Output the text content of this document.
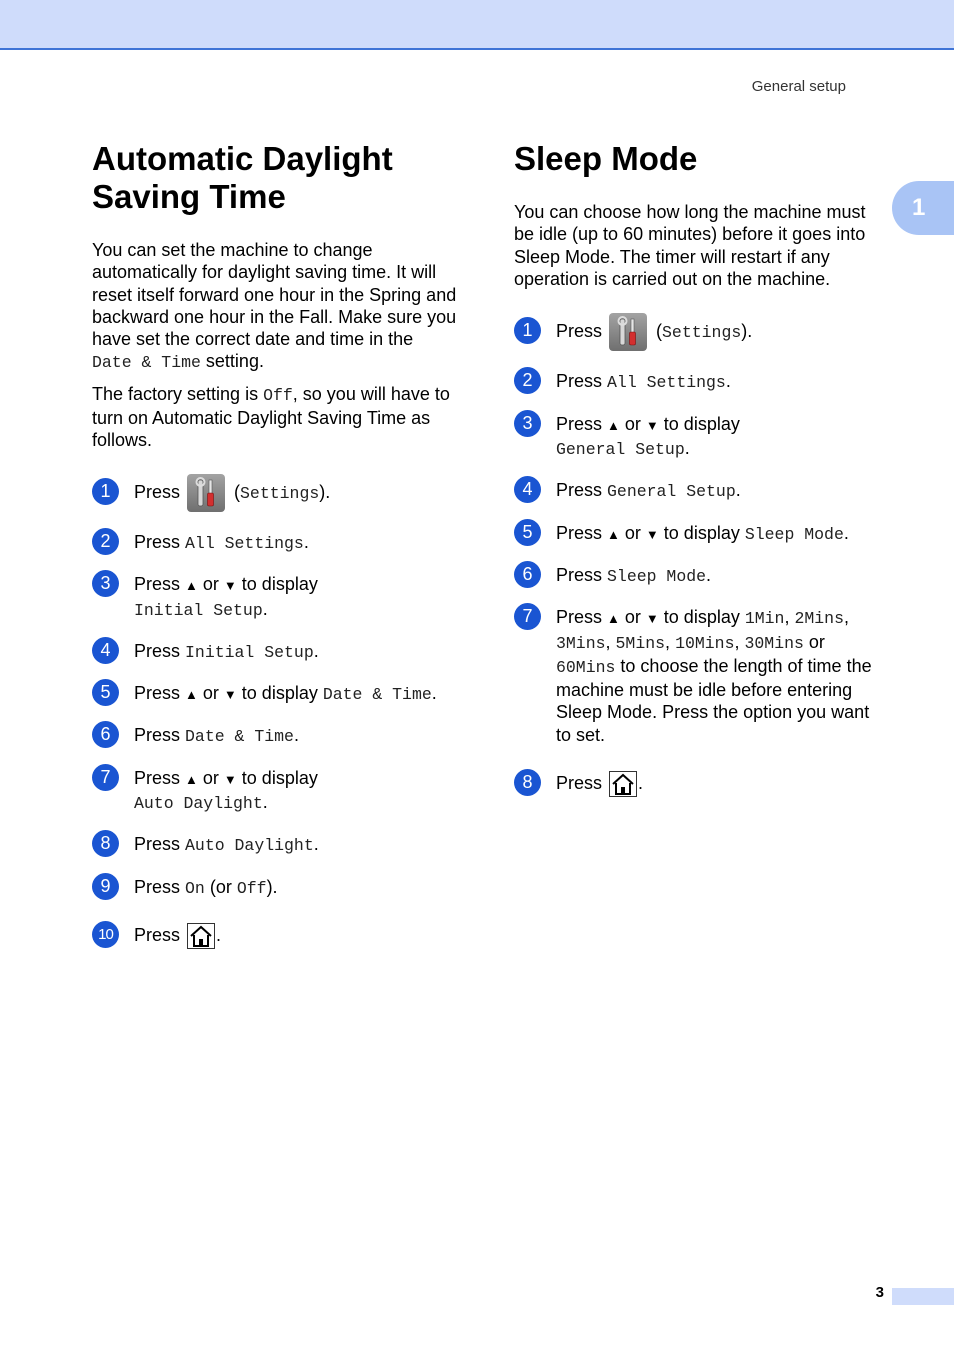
General setup
1
3
Automatic Daylight
Saving Time

You can set the machine to change
automatically for daylight saving time. It will
reset itself forward one hour in the Spring and
backward one hour in the Fall. Make sure you
have set the correct date and time in the
Date & Time setting.

The factory setting is Off, so you will have to
turn on Automatic Daylight Saving Time as
follows.

1	Press	(Settings).
2	Press All Settings.
3	Press ▲ or ▼ to display
Initial Setup.
4	Press Initial Setup.
5	Press ▲ or ▼ to display Date & Time.
6	Press Date & Time.
7	Press ▲ or ▼ to display
Auto Daylight.
8	Press Auto Daylight.
9	Press On (or Off).
10	Press .
Sleep Mode

You can choose how long the machine must
be idle (up to 60 minutes) before it goes into
Sleep Mode. The timer will restart if any
operation is carried out on the machine.

1	Press	(Settings).
2	Press All Settings.
3	Press ▲ or ▼ to display
General Setup.
4	Press General Setup.
5	Press ▲ or ▼ to display Sleep Mode.
6	Press Sleep Mode.
7	Press ▲ or ▼ to display 1Min, 2Mins,
3Mins, 5Mins, 10Mins, 30Mins or
60Mins to choose the length of time the
machine must be idle before entering
Sleep Mode. Press the option you want
to set.
8	Press .
